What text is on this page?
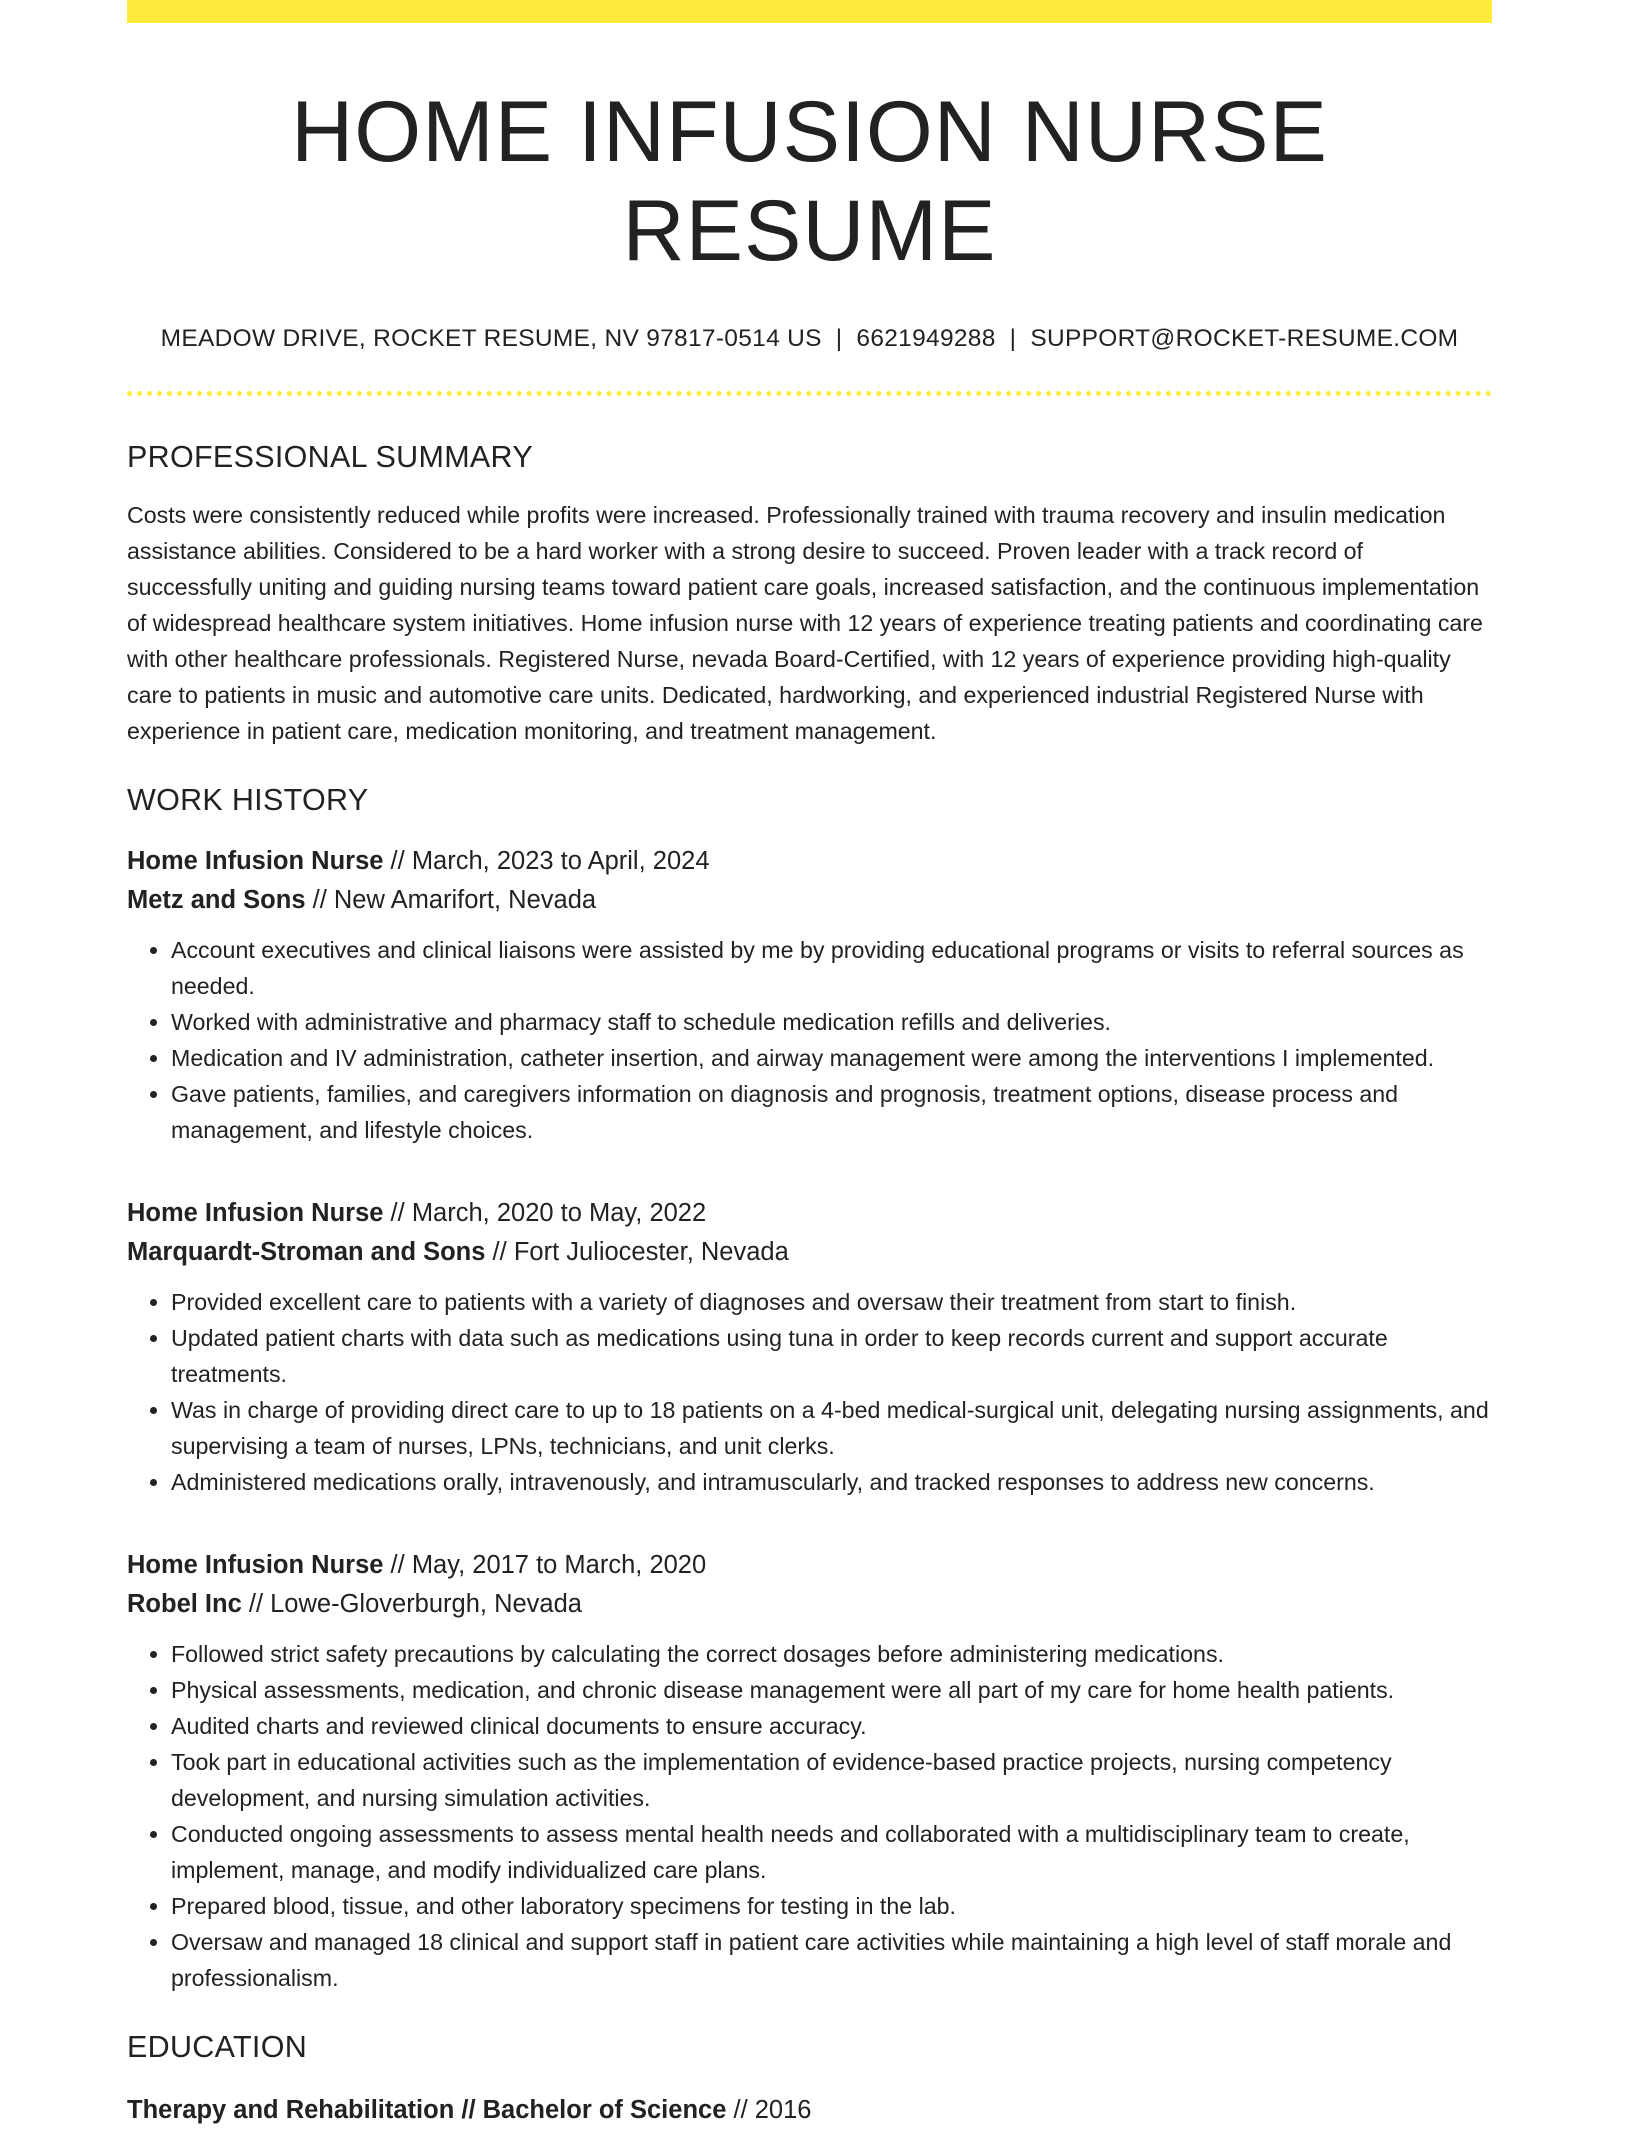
HOME INFUSION NURSE RESUME
MEADOW DRIVE, ROCKET RESUME, NV 97817-0514 US | 6621949288 | SUPPORT@ROCKET-RESUME.COM
PROFESSIONAL SUMMARY
Costs were consistently reduced while profits were increased. Professionally trained with trauma recovery and insulin medication assistance abilities. Considered to be a hard worker with a strong desire to succeed. Proven leader with a track record of successfully uniting and guiding nursing teams toward patient care goals, increased satisfaction, and the continuous implementation of widespread healthcare system initiatives. Home infusion nurse with 12 years of experience treating patients and coordinating care with other healthcare professionals. Registered Nurse, nevada Board-Certified, with 12 years of experience providing high-quality care to patients in music and automotive care units. Dedicated, hardworking, and experienced industrial Registered Nurse with experience in patient care, medication monitoring, and treatment management.
WORK HISTORY
Home Infusion Nurse // March, 2023 to April, 2024
Metz and Sons // New Amarifort, Nevada
• Account executives and clinical liaisons were assisted by me by providing educational programs or visits to referral sources as needed.
• Worked with administrative and pharmacy staff to schedule medication refills and deliveries.
• Medication and IV administration, catheter insertion, and airway management were among the interventions I implemented.
• Gave patients, families, and caregivers information on diagnosis and prognosis, treatment options, disease process and management, and lifestyle choices.
Home Infusion Nurse // March, 2020 to May, 2022
Marquardt-Stroman and Sons // Fort Juliocester, Nevada
• Provided excellent care to patients with a variety of diagnoses and oversaw their treatment from start to finish.
• Updated patient charts with data such as medications using tuna in order to keep records current and support accurate treatments.
• Was in charge of providing direct care to up to 18 patients on a 4-bed medical-surgical unit, delegating nursing assignments, and supervising a team of nurses, LPNs, technicians, and unit clerks.
• Administered medications orally, intravenously, and intramuscularly, and tracked responses to address new concerns.
Home Infusion Nurse // May, 2017 to March, 2020
Robel Inc // Lowe-Gloverburgh, Nevada
• Followed strict safety precautions by calculating the correct dosages before administering medications.
• Physical assessments, medication, and chronic disease management were all part of my care for home health patients.
• Audited charts and reviewed clinical documents to ensure accuracy.
• Took part in educational activities such as the implementation of evidence-based practice projects, nursing competency development, and nursing simulation activities.
• Conducted ongoing assessments to assess mental health needs and collaborated with a multidisciplinary team to create, implement, manage, and modify individualized care plans.
• Prepared blood, tissue, and other laboratory specimens for testing in the lab.
• Oversaw and managed 18 clinical and support staff in patient care activities while maintaining a high level of staff morale and professionalism.
EDUCATION
Therapy and Rehabilitation // Bachelor of Science // 2016
